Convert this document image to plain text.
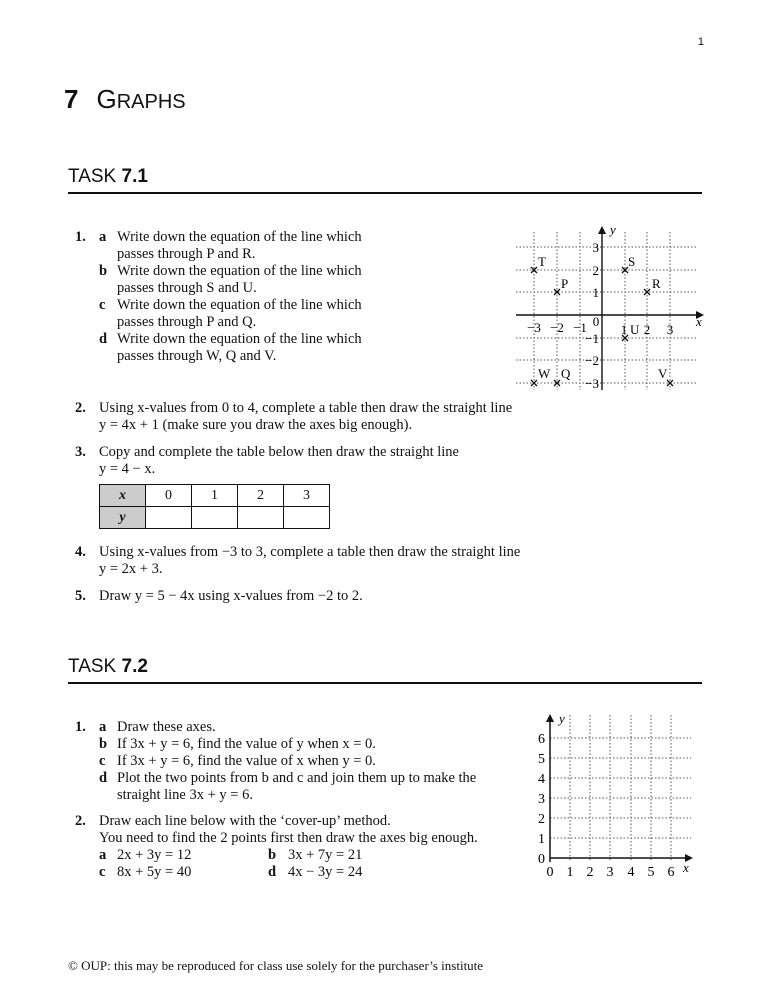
1
7 GRAPHS
TASK 7.1
1. a Write down the equation of the line which
passes through P and R.
b Write down the equation of the line which
passes through S and U.
c Write down the equation of the line which
passes through P and Q.
d Write down the equation of the line which
passes through W, Q and V.
y
x
−3 −2 −1 0
1 2 3
3
2
1
−1
−2
−3
T
P
S
R
U
W Q	V
2. Using x-values from 0 to 4, complete a table then draw the straight line
y = 4x + 1 (make sure you draw the axes big enough).
3. Copy and complete the table below then draw the straight line
y = 4 − x.
x	0	1	2	3
y				
4. Using x-values from −3 to 3, complete a table then draw the straight line
y = 2x + 3.
5. Draw y = 5 − 4x using x-values from −2 to 2.
TASK 7.2
1. a Draw these axes.
b If 3x + y = 6, find the value of y when x = 0.
c If 3x + y = 6, find the value of x when y = 0.
d Plot the two points from b and c and join them up to make the
straight line 3x + y = 6.
2. Draw each line below with the ‘cover-up’ method.
You need to find the 2 points first then draw the axes big enough.
a 2x + 3y = 12	b 3x + 7y = 21
c 8x + 5y = 40	d 4x − 3y = 24
y
x
6
5
4
3
2
1
0
0 1 2 3 4 5 6
© OUP: this may be reproduced for class use solely for the purchaser’s institute
